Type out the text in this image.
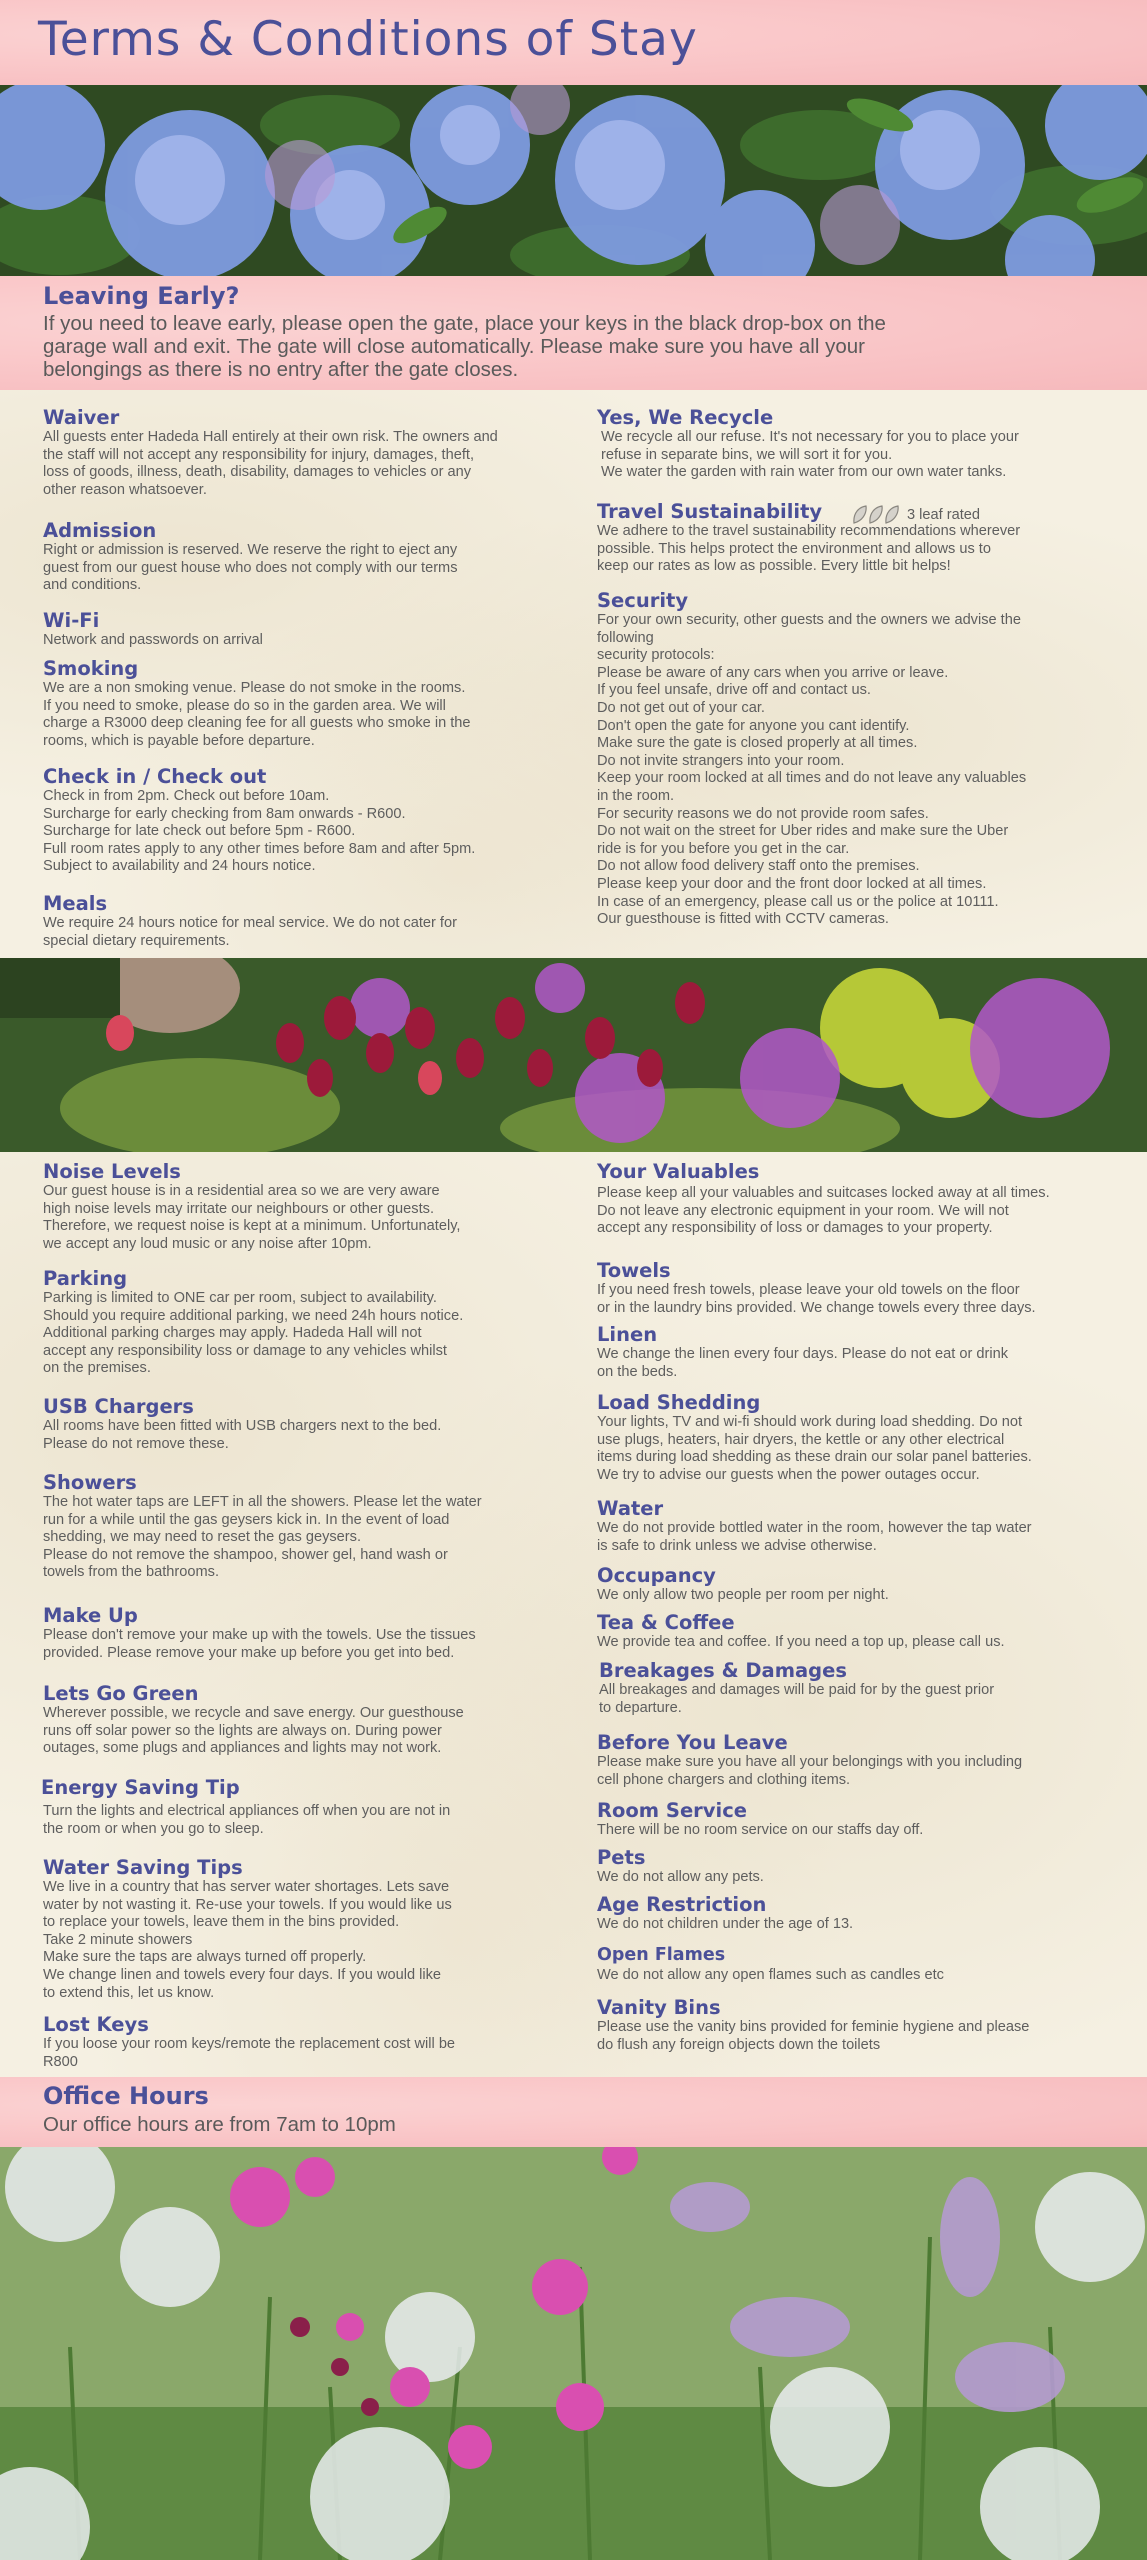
Terms & Conditions of Stay
Leaving Early?
If you need to leave early, please open the gate, place your keys in the black drop-box on the garage wall and exit. The gate will close automatically. Please make sure you have all your belongings as there is no entry after the gate closes.
Waiver
All guests enter Hadeda Hall entirely at their own risk. The owners and
the staff will not accept any responsibility for injury, damages, theft,
loss of goods, illness, death, disability, damages to vehicles or any
other reason whatsoever.
Admission
Right or admission is reserved. We reserve the right to eject any
guest from our guest house who does not comply with our terms
and conditions.
Wi-Fi
Network and passwords on arrival
Smoking
We are a non smoking venue. Please do not smoke in the rooms.
If you need to smoke, please do so in the garden area. We will
charge a R3000 deep cleaning fee for all guests who smoke in the
rooms, which is payable before departure.
Check in / Check out
Check in from 2pm. Check out before 10am.
Surcharge for early checking from 8am onwards - R600.
Surcharge for late check out before 5pm - R600.
Full room rates apply to any other times before 8am and after 5pm.
Subject to availability and 24 hours notice.
Meals
We require 24 hours notice for meal service. We do not cater for
special dietary requirements.
Yes, We Recycle
We recycle all our refuse. It's not necessary for you to place your
refuse in separate bins, we will sort it for you.
We water the garden with rain water from our own water tanks.
Travel Sustainability
We adhere to the travel sustainability recommendations wherever
possible. This helps protect the environment and allows us to
keep our rates as low as possible. Every little bit helps!
3 leaf rated
Security
For your own security, other guests and the owners we advise the
following
security protocols:
Please be aware of any cars when you arrive or leave.
If you feel unsafe, drive off and contact us.
Do not get out of your car.
Don't open the gate for anyone you cant identify.
Make sure the gate is closed properly at all times.
Do not invite strangers into your room.
Keep your room locked at all times and do not leave any valuables
in the room.
For security reasons we do not provide room safes.
Do not wait on the street for Uber rides and make sure the Uber
ride is for you before you get in the car.
Do not allow food delivery staff onto the premises.
Please keep your door and the front door locked at all times.
In case of an emergency, please call us or the police at 10111.
Our guesthouse is fitted with CCTV cameras.
Noise Levels
Our guest house is in a residential area so we are very aware
high noise levels may irritate our neighbours or other guests.
Therefore, we request noise is kept at a minimum. Unfortunately,
we accept any loud music or any noise after 10pm.
Parking
Parking is limited to ONE car per room, subject to availability.
Should you require additional parking, we need 24h hours notice.
Additional parking charges may apply. Hadeda Hall will not
accept any responsibility loss or damage to any vehicles whilst
on the premises.
USB Chargers
All rooms have been fitted with USB chargers next to the bed.
Please do not remove these.
Showers
The hot water taps are LEFT in all the showers. Please let the water
run for a while until the gas geysers kick in. In the event of load
shedding, we may need to reset the gas geysers.
Please do not remove the shampoo, shower gel, hand wash or
towels from the bathrooms.
Make Up
Please don't remove your make up with the towels. Use the tissues
provided. Please remove your make up before you get into bed.
Lets Go Green
Wherever possible, we recycle and save energy. Our guesthouse
runs off solar power so the lights are always on. During power
outages, some plugs and appliances and lights may not work.
Energy Saving Tip
Turn the lights and electrical appliances off when you are not in
the room or when you go to sleep.
Water Saving Tips
We live in a country that has server water shortages. Lets save
water by not wasting it. Re-use your towels. If you would like us
to replace your towels, leave them in the bins provided.
Take 2 minute showers
Make sure the taps are always turned off properly.
We change linen and towels every four days. If you would like
to extend this, let us know.
Lost Keys
If you loose your room keys/remote the replacement cost will be
R800
Your Valuables
Please keep all your valuables and suitcases locked away at all times.
Do not leave any electronic equipment in your room. We will not
accept any responsibility of loss or damages to your property.
Towels
If you need fresh towels, please leave your old towels on the floor
or in the laundry bins provided. We change towels every three days.
Linen
We change the linen every four days. Please do not eat or drink
on the beds.
Load Shedding
Your lights, TV and wi-fi should work during load shedding. Do not
use plugs, heaters, hair dryers, the kettle or any other electrical
items during load shedding as these drain our solar panel batteries.
We try to advise our guests when the power outages occur.
Water
We do not provide bottled water in the room, however the tap water
is safe to drink unless we advise otherwise.
Occupancy
We only allow two people per room per night.
Tea & Coffee
We provide tea and coffee. If you need a top up, please call us.
Breakages & Damages
All breakages and damages will be paid for by the guest prior
to departure.
Before You Leave
Please make sure you have all your belongings with you including
cell phone chargers and clothing items.
Room Service
There will be no room service on our staffs day off.
Pets
We do not allow any pets.
Age Restriction
We do not children under the age of 13.
Open Flames
We do not allow any open flames such as candles etc
Vanity Bins
Please use the vanity bins provided for feminie hygiene and please
do flush any foreign objects down the toilets
Office Hours
Our office hours are from 7am to 10pm
